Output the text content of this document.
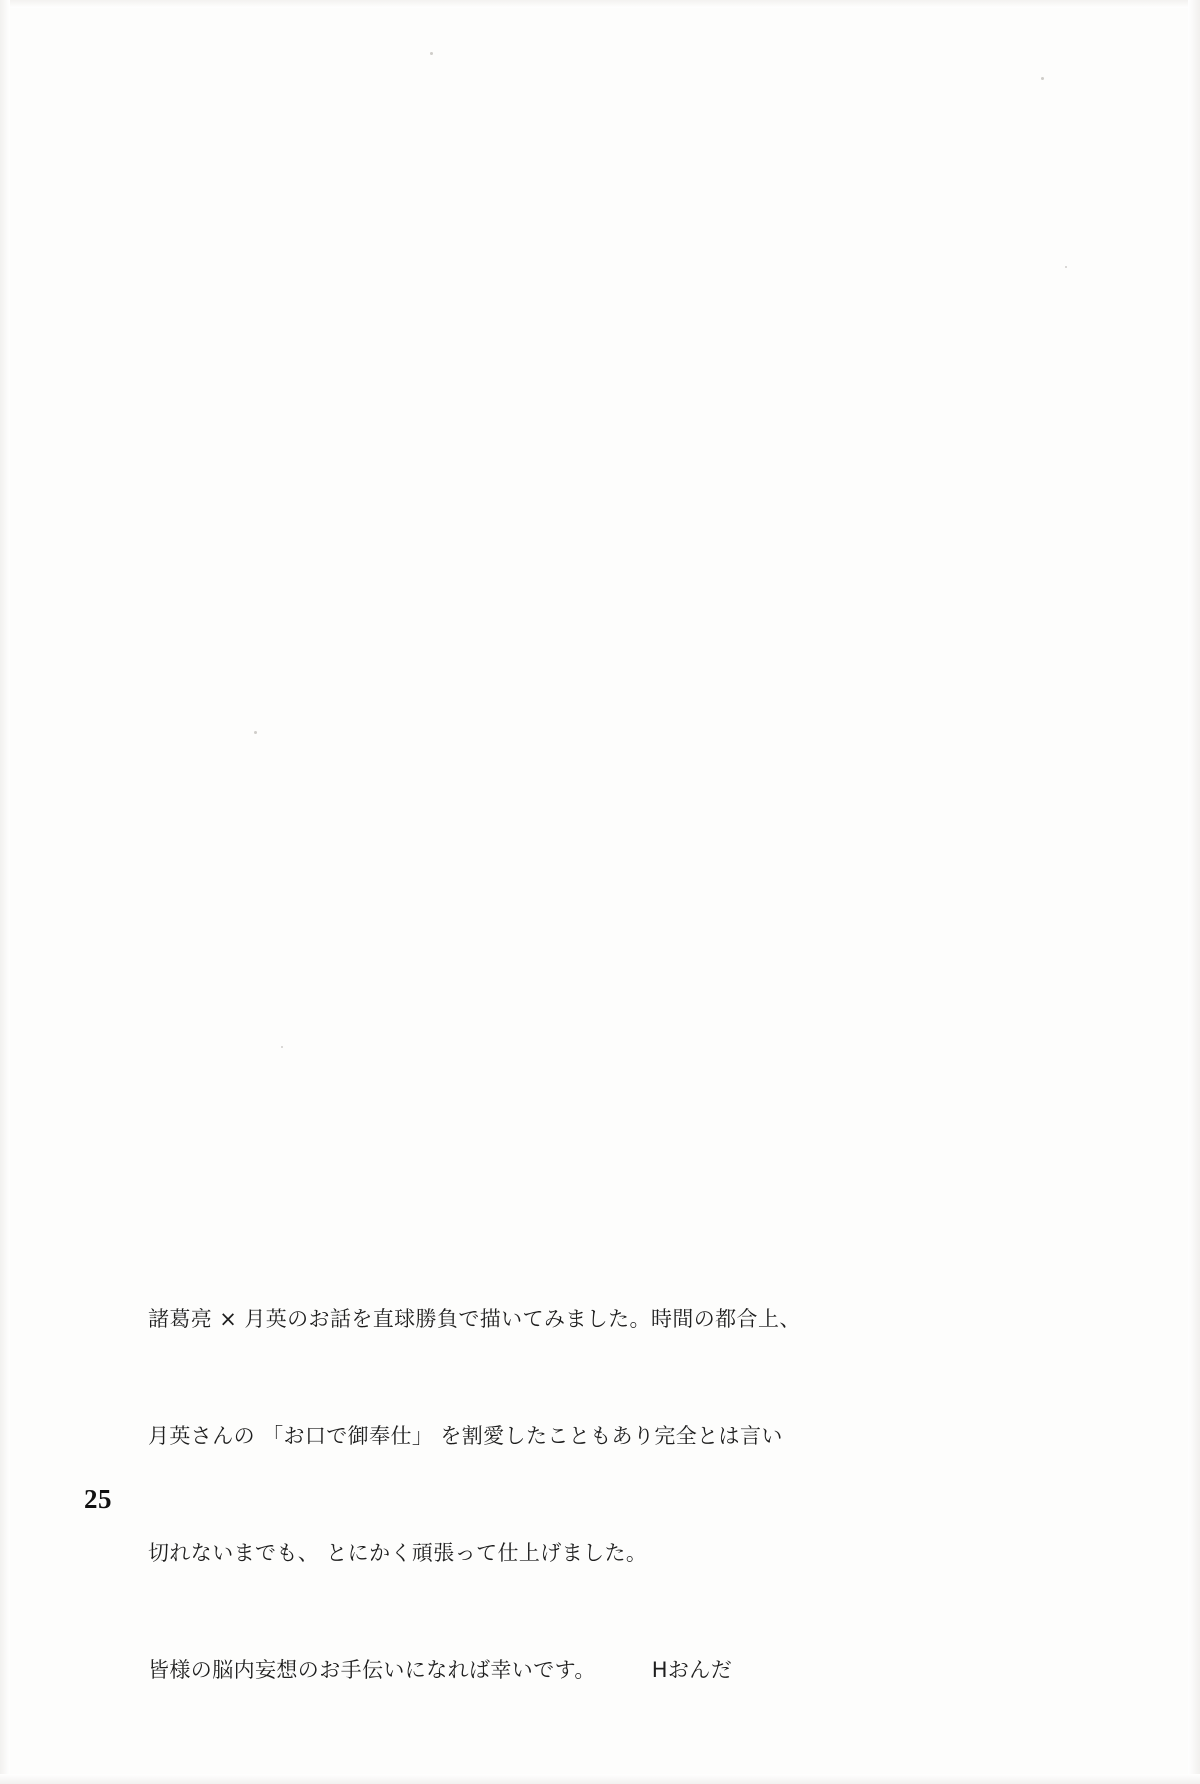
諸葛亮 × 月英のお話を直球勝負で描いてみました。時間の都合上、

月英さんの 「お口で御奉仕」 を割愛したこともあり完全とは言い

切れないまでも、 とにかく頑張って仕上げました。

皆様の脳内妄想のお手伝いになれば幸いです。	Hおんだ

25
